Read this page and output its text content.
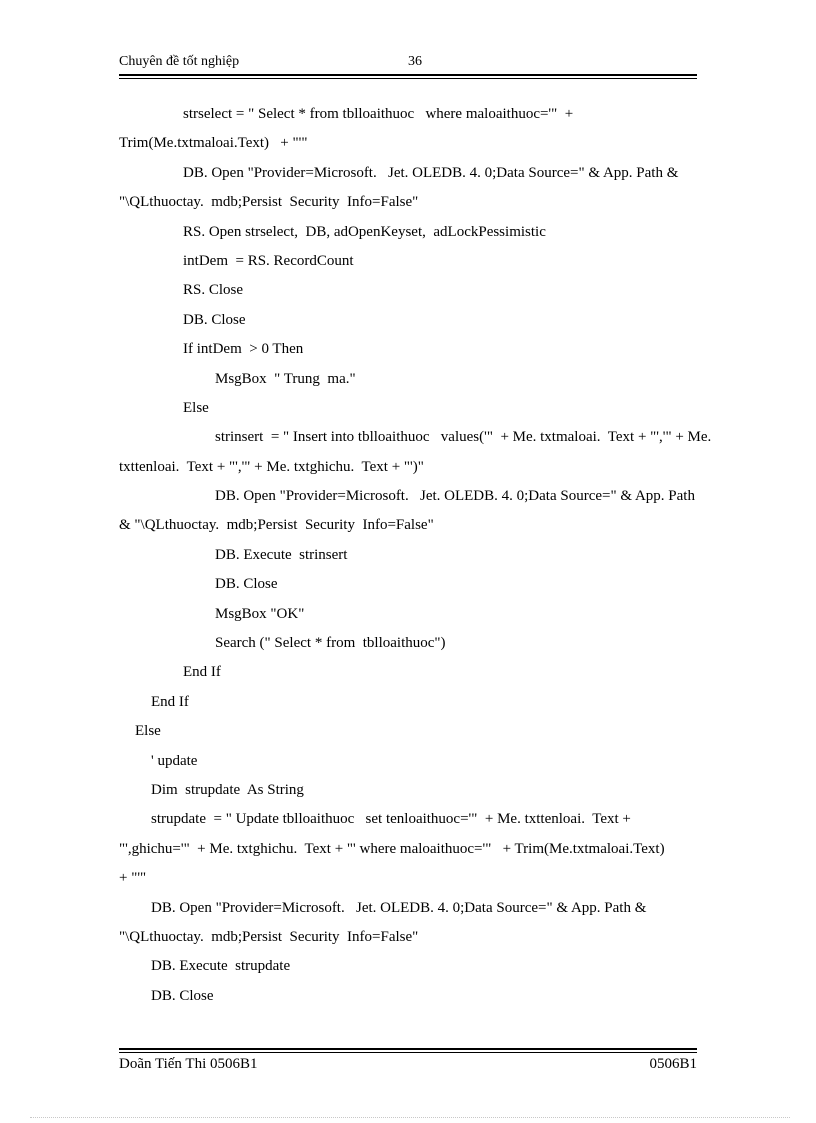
Chuyên đề tốt nghiệp	36
strselect = " Select * from tblloaithuoc   where maloaithuoc='"  +
Trim(Me.txtmaloai.Text)   + "'"
DB. Open "Provider=Microsoft.   Jet. OLEDB. 4. 0;Data Source=" & App. Path &
"\QLthuoctay.  mdb;Persist  Security  Info=False"
RS. Open strselect,  DB, adOpenKeyset,  adLockPessimistic
intDem  = RS. RecordCount
RS. Close
DB. Close
If intDem  > 0 Then
MsgBox  " Trung  ma."
Else
strinsert  = " Insert into tblloaithuoc   values('"  + Me. txtmaloai.  Text + "','" + Me.
txttenloai.  Text + "','" + Me. txtghichu.  Text + "')"
DB. Open "Provider=Microsoft.   Jet. OLEDB. 4. 0;Data Source=" & App. Path
& "\QLthuoctay.  mdb;Persist  Security  Info=False"
DB. Execute  strinsert
DB. Close
MsgBox "OK"
Search (" Select * from  tblloaithuoc")
End If
End If
Else
' update
Dim  strupdate  As String
strupdate  = " Update tblloaithuoc   set tenloaithuoc='"  + Me. txttenloai.  Text +
"',ghichu='"  + Me. txtghichu.  Text + "' where maloaithuoc='"   + Trim(Me.txtmaloai.Text)
+ "'"
DB. Open "Provider=Microsoft.   Jet. OLEDB. 4. 0;Data Source=" & App. Path &
"\QLthuoctay.  mdb;Persist  Security  Info=False"
DB. Execute  strupdate
DB. Close
Doãn Tiến Thi 0506B1	0506B1
